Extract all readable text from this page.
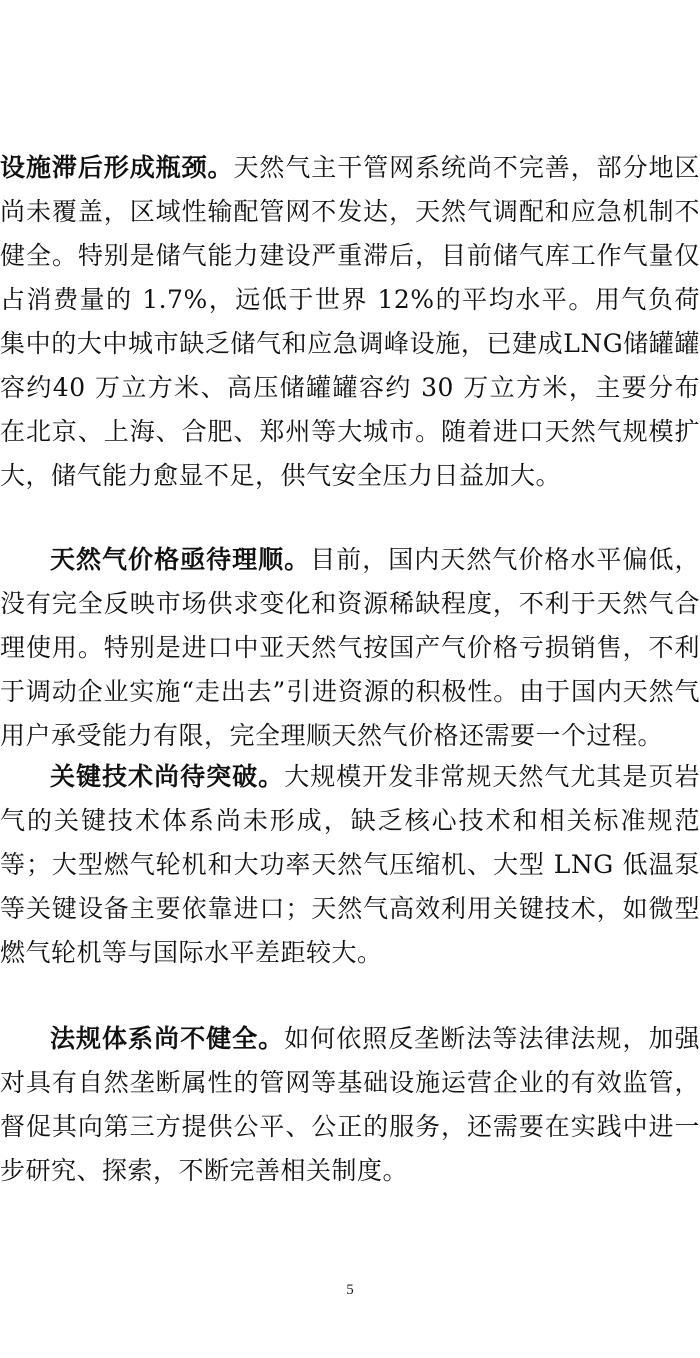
设施滞后形成瓶颈。天然气主干管网系统尚不完善，部分地区尚未覆盖，区域性输配管网不发达，天然气调配和应急机制不健全。特别是储气能力建设严重滞后，目前储气库工作气量仅占消费量的 1.7%，远低于世界 12%的平均水平。用气负荷集中的大中城市缺乏储气和应急调峰设施，已建成LNG储罐罐容约40 万立方米、高压储罐罐容约 30 万立方米，主要分布在北京、上海、合肥、郑州等大城市。随着进口天然气规模扩大，储气能力愈显不足，供气安全压力日益加大。

天然气价格亟待理顺。目前，国内天然气价格水平偏低，没有完全反映市场供求变化和资源稀缺程度，不利于天然气合理使用。特别是进口中亚天然气按国产气价格亏损销售，不利于调动企业实施“走出去”引进资源的积极性。由于国内天然气用户承受能力有限，完全理顺天然气价格还需要一个过程。

关键技术尚待突破。大规模开发非常规天然气尤其是页岩气的关键技术体系尚未形成，缺乏核心技术和相关标准规范等；大型燃气轮机和大功率天然气压缩机、大型 LNG 低温泵等关键设备主要依靠进口；天然气高效利用关键技术，如微型燃气轮机等与国际水平差距较大。

法规体系尚不健全。如何依照反垄断法等法律法规，加强对具有自然垄断属性的管网等基础设施运营企业的有效监管，督促其向第三方提供公平、公正的服务，还需要在实践中进一步研究、探索，不断完善相关制度。

5
